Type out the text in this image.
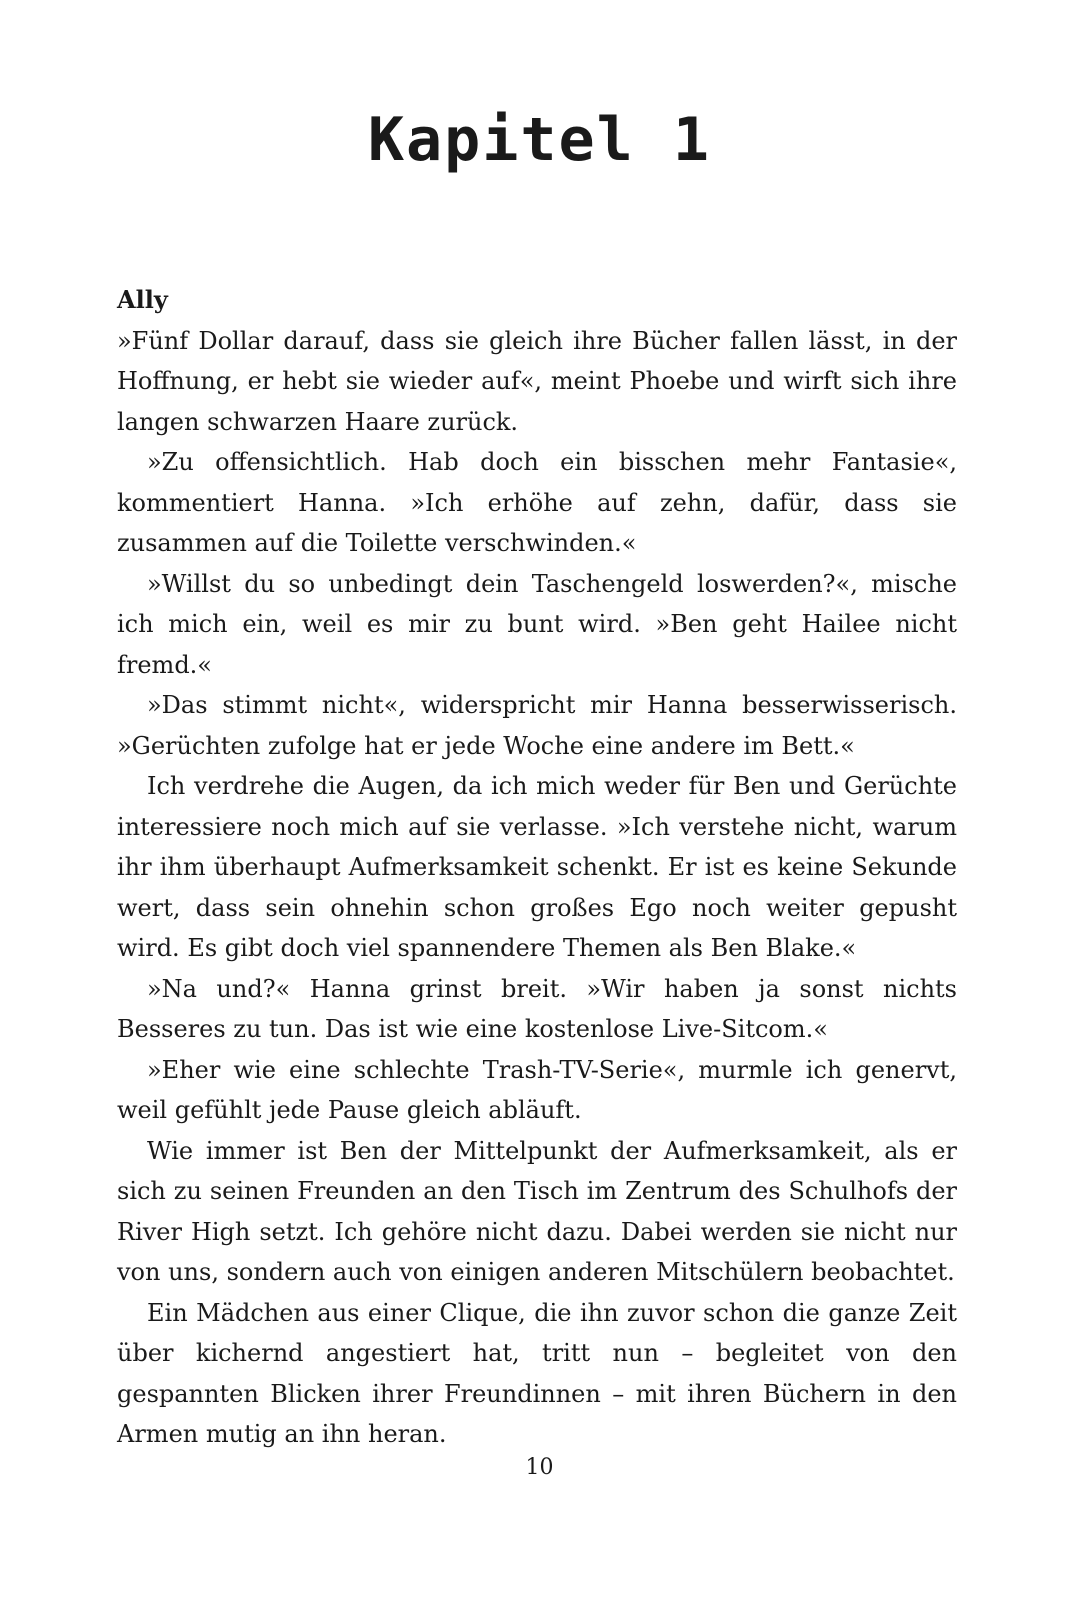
Kapitel 1
Ally

»Fünf Dollar darauf, dass sie gleich ihre Bücher fallen lässt, in der Hoffnung, er hebt sie wieder auf«, meint Phoebe und wirft sich ihre langen schwarzen Haare zurück.

»Zu offensichtlich. Hab doch ein bisschen mehr Fantasie«, kommentiert Hanna. »Ich erhöhe auf zehn, dafür, dass sie zusammen auf die Toilette verschwinden.«

»Willst du so unbedingt dein Taschengeld loswerden?«, mische ich mich ein, weil es mir zu bunt wird. »Ben geht Hailee nicht fremd.«

»Das stimmt nicht«, widerspricht mir Hanna besserwisserisch. »Gerüchten zufolge hat er jede Woche eine andere im Bett.«

Ich verdrehe die Augen, da ich mich weder für Ben und Gerüchte interessiere noch mich auf sie verlasse. »Ich verstehe nicht, warum ihr ihm überhaupt Aufmerksamkeit schenkt. Er ist es keine Sekunde wert, dass sein ohnehin schon großes Ego noch weiter gepusht wird. Es gibt doch viel spannendere Themen als Ben Blake.«

»Na und?« Hanna grinst breit. »Wir haben ja sonst nichts Besseres zu tun. Das ist wie eine kostenlose Live-Sitcom.«

»Eher wie eine schlechte Trash-TV-Serie«, murmle ich genervt, weil gefühlt jede Pause gleich abläuft.

Wie immer ist Ben der Mittelpunkt der Aufmerksamkeit, als er sich zu seinen Freunden an den Tisch im Zentrum des Schulhofs der River High setzt. Ich gehöre nicht dazu. Dabei werden sie nicht nur von uns, sondern auch von einigen anderen Mitschülern beobachtet.

Ein Mädchen aus einer Clique, die ihn zuvor schon die ganze Zeit über kichernd angestiert hat, tritt nun – begleitet von den gespannten Blicken ihrer Freundinnen – mit ihren Büchern in den Armen mutig an ihn heran.

10
